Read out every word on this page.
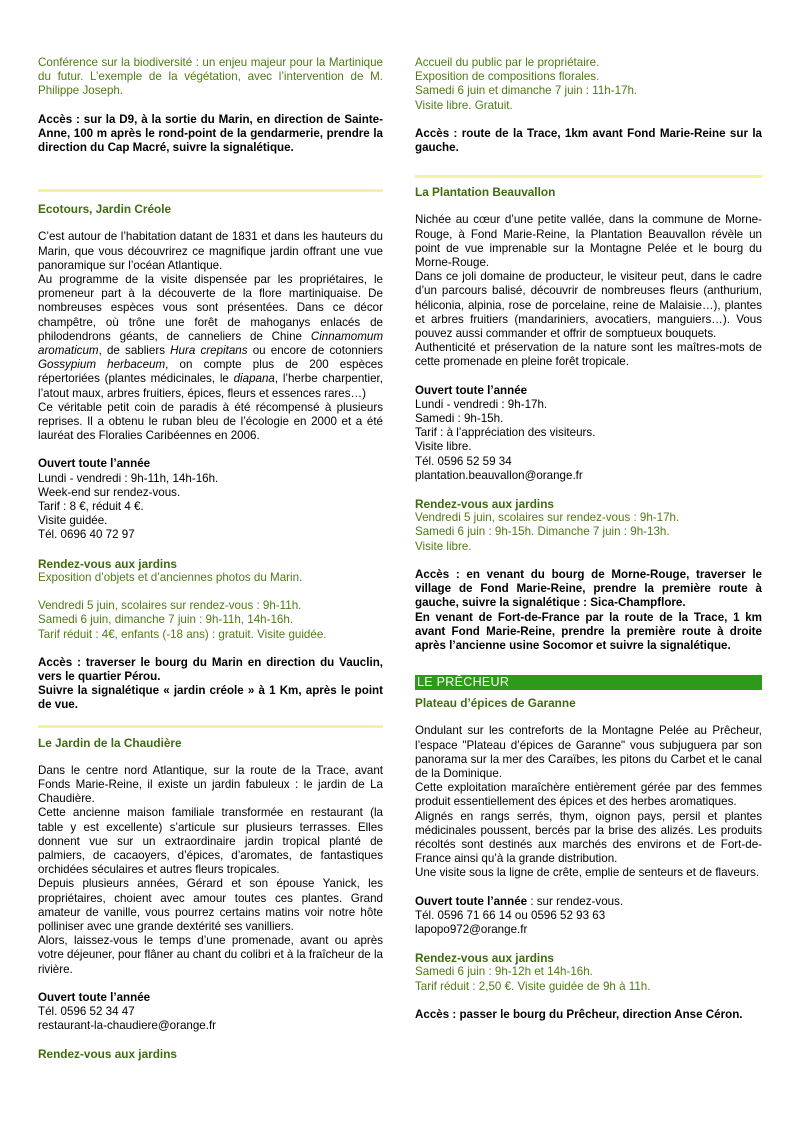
Conférence sur la biodiversité : un enjeu majeur pour la Martinique du futur. L’exemple de la végétation, avec l’intervention de M. Philippe Joseph.

Accès : sur la D9, à la sortie du Marin, en direction de Sainte-Anne, 100 m après le rond-point de la gendarmerie, prendre la direction du Cap Macré, suivre la signalétique.

Ecotours, Jardin Créole

C’est autour de l’habitation datant de 1831 et dans les hauteurs du Marin, que vous découvrirez ce magnifique jardin offrant une vue panoramique sur l’océan Atlantique.

Au programme de la visite dispensée par les propriétaires, le promeneur part à la découverte de la flore martiniquaise. De nombreuses espèces vous sont présentées. Dans ce décor champêtre, où trône une forêt de mahoganys enlacés de philodendrons géants, de canneliers de Chine Cinnamomum aromaticum, de sabliers Hura crepitans ou encore de cotonniers Gossypium herbaceum, on compte plus de 200 espèces répertoriées (plantes médicinales, le diapana, l’herbe charpentier, l’atout maux, arbres fruitiers, épices, fleurs et essences rares…)

Ce véritable petit coin de paradis à été récompensé à plusieurs reprises. Il a obtenu le ruban bleu de l’écologie en 2000 et a été lauréat des Floralies Caribéennes en 2006.

Ouvert toute l’année

Lundi - vendredi : 9h-11h, 14h-16h.

Week-end sur rendez-vous.

Tarif : 8 €, réduit 4 €.

Visite guidée.

Tél. 0696 40 72 97

Rendez-vous aux jardins

Exposition d’objets et d’anciennes photos du Marin.

Vendredi 5 juin, scolaires sur rendez-vous : 9h-11h.

Samedi 6 juin, dimanche 7 juin : 9h-11h, 14h-16h.

Tarif réduit : 4€, enfants (-18 ans) : gratuit. Visite guidée.

Accès : traverser le bourg du Marin en direction du Vauclin, vers le quartier Pérou.

Suivre la signalétique « jardin créole » à 1 Km, après le point de vue.

Le Jardin de la Chaudière

Dans le centre nord Atlantique, sur la route de la Trace, avant Fonds Marie-Reine, il existe un jardin fabuleux : le jardin de La Chaudière.

Cette ancienne maison familiale transformée en restaurant (la table y est excellente) s’articule sur plusieurs terrasses. Elles donnent vue sur un extraordinaire jardin tropical planté de palmiers, de cacaoyers, d’épices, d’aromates, de fantastiques orchidées séculaires et autres fleurs tropicales.

Depuis plusieurs années, Gérard et son épouse Yanick, les propriétaires, choient avec amour toutes ces plantes. Grand amateur de vanille, vous pourrez certains matins voir notre hôte polliniser avec une grande dextérité ses vanilliers.

Alors, laissez-vous le temps d’une promenade, avant ou après votre déjeuner, pour flâner au chant du colibri et à la fraîcheur de la rivière.

Ouvert toute l’année

Tél. 0596 52 34 47

restaurant-la-chaudiere@orange.fr

Rendez-vous aux jardins

Accueil du public par le propriétaire.

Exposition de compositions florales.

Samedi 6 juin et dimanche 7 juin : 11h-17h.

Visite libre. Gratuit.

Accès : route de la Trace, 1km avant Fond Marie-Reine sur la gauche.

La Plantation Beauvallon

Nichée au cœur d’une petite vallée, dans la commune de Morne-Rouge, à Fond Marie-Reine, la Plantation Beauvallon révèle un point de vue imprenable sur la Montagne Pelée et le bourg du Morne-Rouge.

Dans ce joli domaine de producteur, le visiteur peut, dans le cadre d’un parcours balisé, découvrir de nombreuses fleurs (anthurium, héliconia, alpinia, rose de porcelaine, reine de Malaisie…), plantes et arbres fruitiers (mandariniers, avocatiers, manguiers…). Vous pouvez aussi commander et offrir de somptueux bouquets.

Authenticité et préservation de la nature sont les maîtres-mots de cette promenade en pleine forêt tropicale.

Ouvert toute l’année

Lundi - vendredi : 9h-17h.

Samedi : 9h-15h.

Tarif : à l’appréciation des visiteurs.

Visite libre.

Tél. 0596 52 59 34

plantation.beauvallon@orange.fr

Rendez-vous aux jardins

Vendredi 5 juin, scolaires sur rendez-vous : 9h-17h.

Samedi 6 juin : 9h-15h. Dimanche 7 juin : 9h-13h.

Visite libre.

Accès : en venant du bourg de Morne-Rouge, traverser le village de Fond Marie-Reine, prendre la première route à gauche, suivre la signalétique : Sica-Champflore.

En venant de Fort-de-France par la route de la Trace, 1 km avant Fond Marie-Reine, prendre la première route à droite après l’ancienne usine Socomor et suivre la signalétique.

LE PRÊCHEUR

Plateau d’épices de Garanne

Ondulant sur les contreforts de la Montagne Pelée au Prêcheur, l’espace "Plateau d’épices de Garanne" vous subjuguera par son panorama sur la mer des Caraïbes, les pitons du Carbet et le canal de la Dominique.

Cette exploitation maraîchère entièrement gérée par des femmes produit essentiellement des épices et des herbes aromatiques.

Alignés en rangs serrés, thym, oignon pays, persil et plantes médicinales poussent, bercés par la brise des alizés. Les produits récoltés sont destinés aux marchés des environs et de Fort-de-France ainsi qu’à la grande distribution.

Une visite sous la ligne de crête, emplie de senteurs et de flaveurs.

Ouvert toute l’année : sur rendez-vous.

Tél. 0596 71 66 14 ou 0596 52 93 63

lapopo972@orange.fr

Rendez-vous aux jardins

Samedi 6 juin : 9h-12h et 14h-16h.

Tarif réduit : 2,50 €. Visite guidée de 9h à 11h.

Accès : passer le bourg du Prêcheur, direction Anse Céron.
